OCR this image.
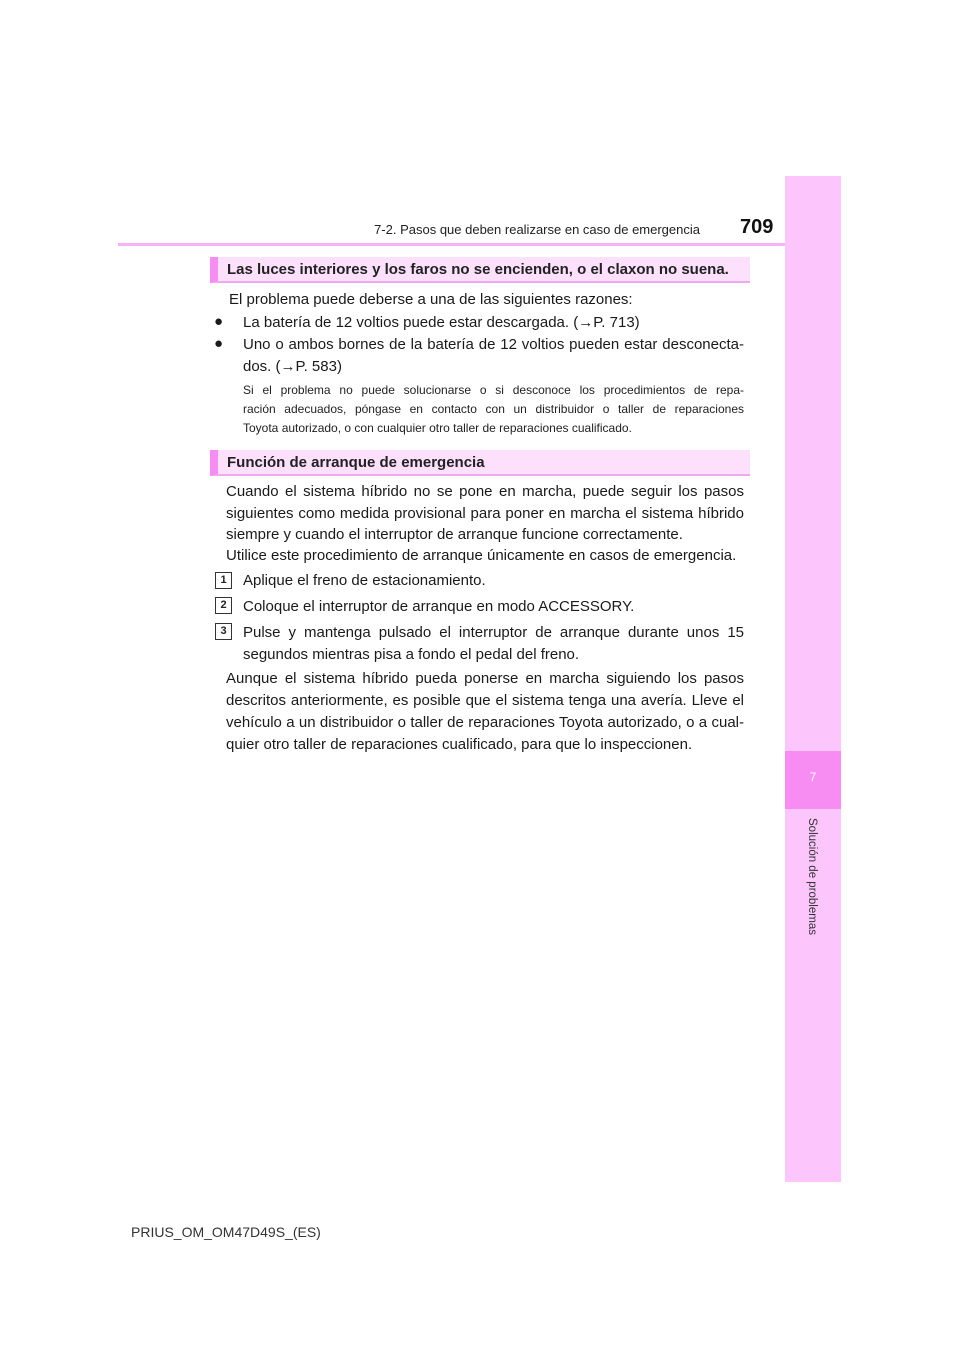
7-2. Pasos que deben realizarse en caso de emergencia 709
7
Solución de problemas
Las luces interiores y los faros no se encienden, o el claxon no suena.
El problema puede deberse a una de las siguientes razones:
● La batería de 12 voltios puede estar descargada. (→P. 713)
● Uno o ambos bornes de la batería de 12 voltios pueden estar desconecta-
dos. (→P. 583)
Si el problema no puede solucionarse o si desconoce los procedimientos de repa-
ración adecuados, póngase en contacto con un distribuidor o taller de reparaciones
Toyota autorizado, o con cualquier otro taller de reparaciones cualificado.
Función de arranque de emergencia
Cuando el sistema híbrido no se pone en marcha, puede seguir los pasos
siguientes como medida provisional para poner en marcha el sistema híbrido
siempre y cuando el interruptor de arranque funcione correctamente.
Utilice este procedimiento de arranque únicamente en casos de emergencia.
1	Aplique el freno de estacionamiento.
2	Coloque el interruptor de arranque en modo ACCESSORY.
3	Pulse y mantenga pulsado el interruptor de arranque durante unos 15
segundos mientras pisa a fondo el pedal del freno.
Aunque el sistema híbrido pueda ponerse en marcha siguiendo los pasos
descritos anteriormente, es posible que el sistema tenga una avería. Lleve el
vehículo a un distribuidor o taller de reparaciones Toyota autorizado, o a cual-
quier otro taller de reparaciones cualificado, para que lo inspeccionen.
PRIUS_OM_OM47D49S_(ES)
